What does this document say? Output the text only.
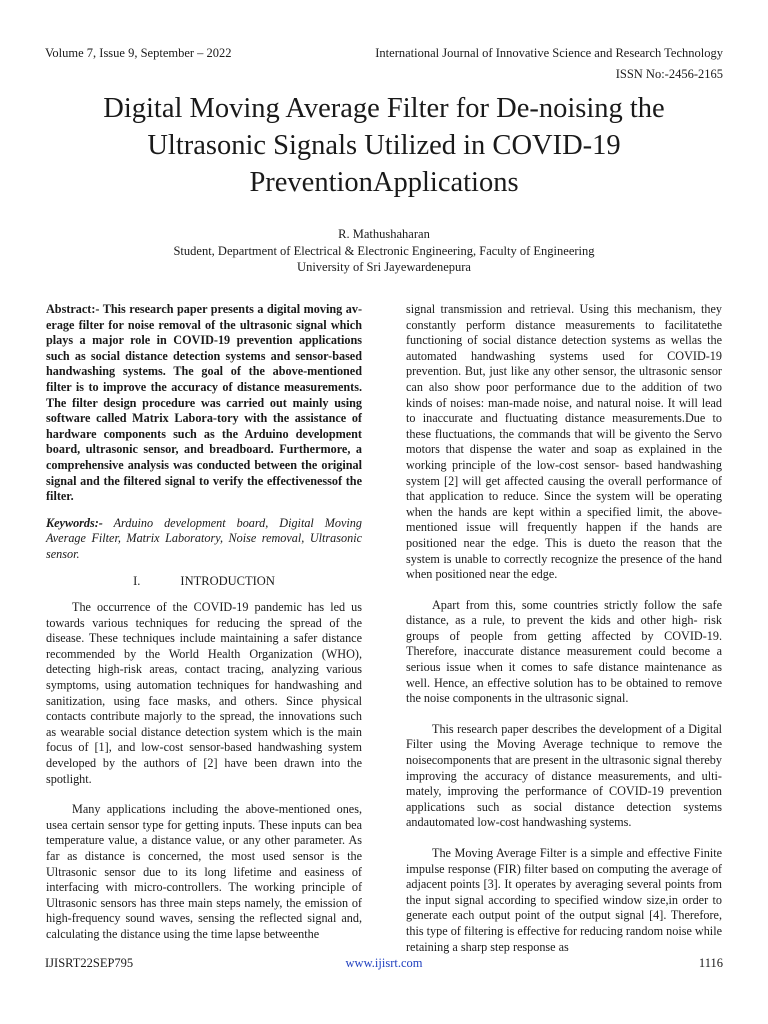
Volume 7, Issue 9, September – 2022	International Journal of Innovative Science and Research Technology
ISSN No:-2456-2165
Digital Moving Average Filter for De-noising the
Ultrasonic Signals Utilized in COVID-19
PreventionApplications
R. Mathushaharan
Student, Department of Electrical & Electronic Engineering, Faculty of Engineering
University of Sri Jayewardenepura

Abstract:- This research paper presents a digital moving av- erage filter for noise removal of the ultrasonic signal which plays a major role in COVID-19 prevention applications such as social distance detection systems and sensor-based handwashing systems. The goal of the above-mentioned filter is to improve the accuracy of distance measurements. The filter design procedure was carried out mainly using software called Matrix Labora-tory with the assistance of hardware components such as the Arduino development board, ultrasonic sensor, and breadboard. Furthermore, a comprehensive analysis was conducted between the original signal and the filtered signal to verify the effectivenessof the filter.

Keywords:- Arduino development board, Digital Moving Average Filter, Matrix Laboratory, Noise removal, Ultrasonic sensor.

I.	INTRODUCTION

The occurrence of the COVID-19 pandemic has led us towards various techniques for reducing the spread of the disease. These techniques include maintaining a safer distance recommended by the World Health Organization (WHO), detecting high-risk areas, contact tracing, analyzing various symptoms, using automation techniques for handwashing and sanitization, using face masks, and others. Since physical contacts contribute majorly to the spread, the innovations such as wearable social distance detection system which is the main focus of [1], and low-cost sensor-based handwashing system developed by the authors of [2] have been drawn into the spotlight.

Many applications including the above-mentioned ones, usea certain sensor type for getting inputs. These inputs can bea temperature value, a distance value, or any other parameter. As far as distance is concerned, the most used sensor is the Ultrasonic sensor due to its long lifetime and easiness of interfacing with micro-controllers. The working principle of Ultrasonic sensors has three main steps namely, the emission of high-frequency sound waves, sensing the reflected signal and, calculating the distance using the time lapse betweenthe

signal transmission and retrieval. Using this mechanism, they constantly perform distance measurements to facilitatethe functioning of social distance detection systems as wellas the automated handwashing systems used for COVID-19 prevention. But, just like any other sensor, the ultrasonic sensor can also show poor performance due to the addition of two kinds of noises: man-made noise, and natural noise. It will lead to inaccurate and fluctuating distance measurements.Due to these fluctuations, the commands that will be givento the Servo motors that dispense the water and soap as explained in the working principle of the low-cost sensor- based handwashing system [2] will get affected causing the overall performance of that application to reduce. Since the system will be operating when the hands are kept within a specified limit, the above-mentioned issue will frequently happen if the hands are positioned near the edge. This is dueto the reason that the system is unable to correctly recognize the presence of the hand when positioned near the edge.

Apart from this, some countries strictly follow the safe distance, as a rule, to prevent the kids and other high- risk groups of people from getting affected by COVID-19. Therefore, inaccurate distance measurement could become a serious issue when it comes to safe distance maintenance as well. Hence, an effective solution has to be obtained to remove the noise components in the ultrasonic signal.

This research paper describes the development of a Digital Filter using the Moving Average technique to remove the noisecomponents that are present in the ultrasonic signal thereby improving the accuracy of distance measurements, and ulti- mately, improving the performance of COVID-19 prevention applications such as social distance detection systems andautomated low-cost handwashing systems.

The Moving Average Filter is a simple and effective Finite impulse response (FIR) filter based on computing the average of adjacent points [3]. It operates by averaging several points from the input signal according to specified window size,in order to generate each output point of the output signal [4]. Therefore, this type of filtering is effective for reducing random noise while retaining a sharp step response as

IJISRT22SEP795	www.ijisrt.com	1116
